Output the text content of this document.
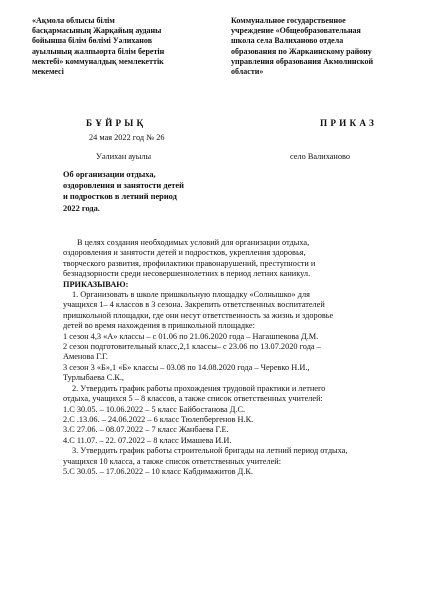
«Ақмола облысы білім
басқармасының Жарқайың ауданы
бойынша білім бөлімі Уәлиханов
ауылының жалпыорта білім беретін
мектебі» коммуналдық мемлекеттік
мекемесі
Коммунальное государственное
учреждение «Общеобразовательная
школа села Валиханово отдела
образования по Жаркаинскому району
управления образования Акмолинской
области»
БҰЙРЫҚ	ПРИКАЗ
24 мая 2022 год № 26
Уәлихан ауылы	село Валиханово
Об организации отдыха,
оздоровления и занятости детей
и подростков в летний период
2022 года.
В целях создания необходимых условий для организации отдыха,
оздоровления и занятости детей и подростков, укрепления здоровья,
творческого развития, профилактики правонарушений, преступности и
безнадзорности среди несовершеннолетних в период летних каникул.
ПРИКАЗЫВАЮ:
1. Организовать в школе пришкольную площадку «Солнышко» для
учащихся 1– 4 классов в 3 сезона. Закрепить ответственных воспитателей
пришкольной площадки, где они несут ответственность за жизнь и здоровье
детей во время нахождения в пришкольной площадке:
1 сезон 4,3 «А» классы – с 01.06 по 21.06.2020 года – Нагашпекова Д.М.
2 сезон подготовительный класс,2,1 классы– с 23.06 по 13.07.2020 года –
Аменова Г.Г.
3 сезон 3 «Б»,1 «Б» классы – 03.08 по 14.08.2020 года – Черевко Н.И.,
Турлыбаева С.К.,
2. Утвердить график работы прохождения трудовой практики и летнего
отдыха, учащихся 5 – 8 классов, а также список ответственных учителей:
1.С 30.05. – 10.06.2022 – 5 класс Байбостанова Д.С.
2.С .13.06. – 24.06.2022 – 6 класс Тюлепбергенов Н.К.
3.С 27.06. – 08.07.2022 – 7 класс Жанбаева Г.Е.
4.С 11.07. – 22. 07.2022 – 8 класс Имашева И.И.
3. Утвердить график работы строительной бригады на летний период отдыха,
учащихся 10 класса, а также список ответственных учителей:
5.С 30.05. – 17.06.2022 – 10 класс Кабдимажитов Д.К.
